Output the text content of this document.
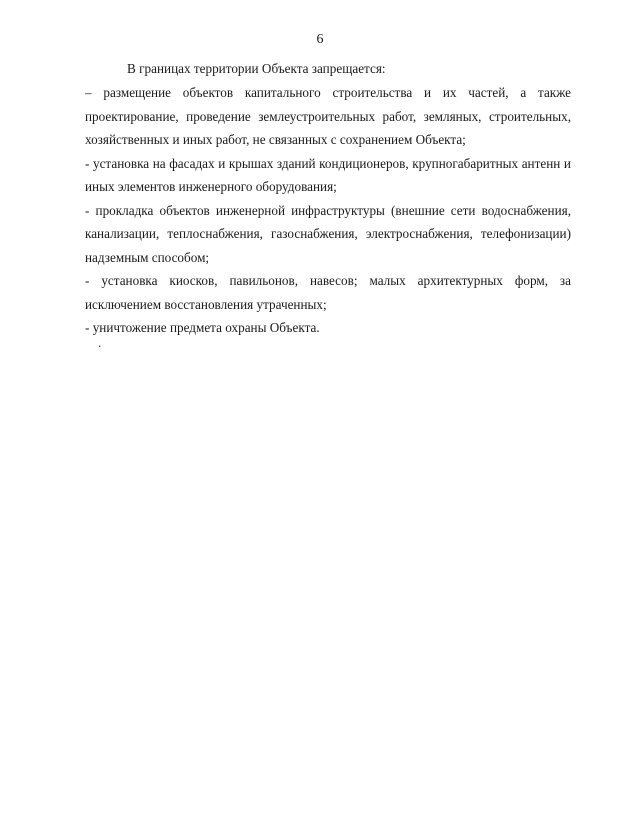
6

В границах территории Объекта запрещается:

– размещение объектов капитального строительства и их частей, а также проектирование, проведение землеустроительных работ, земляных, строительных, хозяйственных и иных работ, не связанных с сохранением Объекта;

- установка на фасадах и крышах зданий кондиционеров, крупногабаритных антенн и иных элементов инженерного оборудования;

- прокладка объектов инженерной инфраструктуры (внешние сети водоснабжения, канализации, теплоснабжения, газоснабжения, электроснабжения, телефонизации) надземным способом;

- установка киосков, павильонов, навесов; малых архитектурных форм, за исключением восстановления утраченных;

- уничтожение предмета охраны Объекта.

.
